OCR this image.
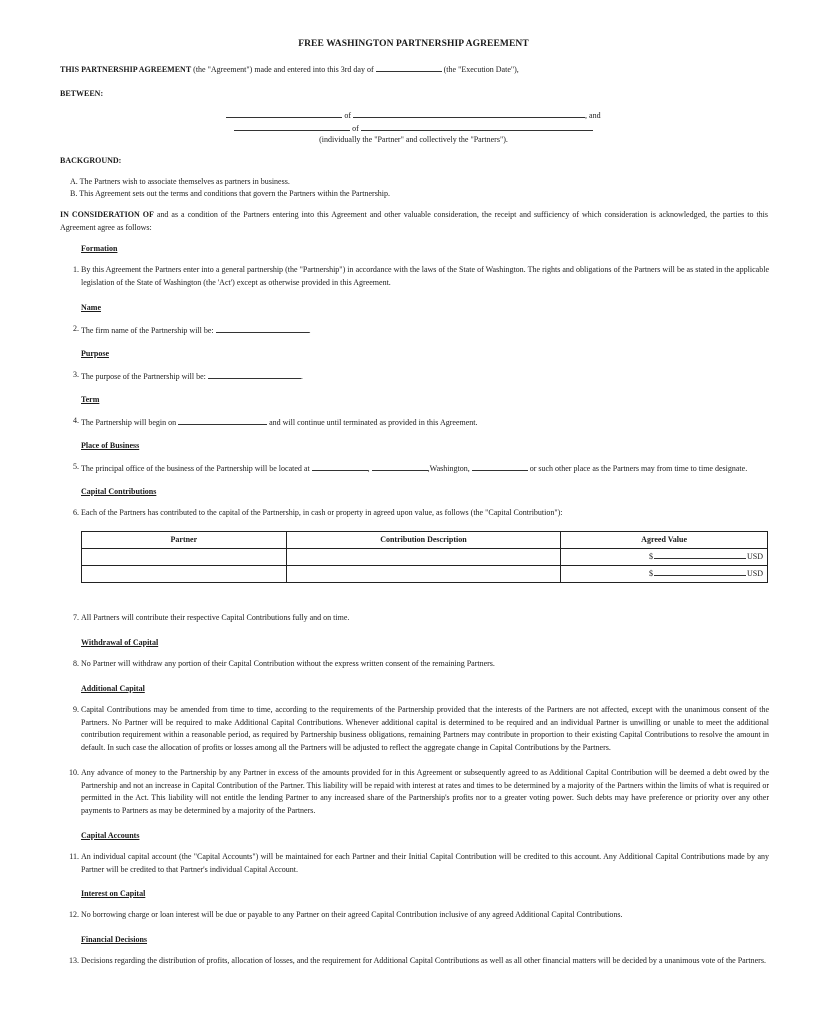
FREE WASHINGTON PARTNERSHIP AGREEMENT
THIS PARTNERSHIP AGREEMENT (the "Agreement") made and entered into this 3rd day of	(the "Execution Date"),
BETWEEN:
of	, and
of
(individually the "Partner" and collectively the "Partners").
BACKGROUND:
A. The Partners wish to associate themselves as partners in business.
B. This Agreement sets out the terms and conditions that govern the Partners within the Partnership.
IN CONSIDERATION OF and as a condition of the Partners entering into this Agreement and other valuable consideration, the receipt and sufficiency of which consideration is acknowledged, the parties to this Agreement agree as follows:
Formation
1. By this Agreement the Partners enter into a general partnership (the "Partnership") in accordance with the laws of the State of Washington. The rights and obligations of the Partners will be as stated in the applicable legislation of the State of Washington (the 'Act') except as otherwise provided in this Agreement.
Name
2. The firm name of the Partnership will be:	.
Purpose
3. The purpose of the Partnership will be:	.
Term
4. The Partnership will begin on	and will continue until terminated as provided in this Agreement.
Place of Business
5. The principal office of the business of the Partnership will be located at	,	,Washington,	or such other place as the Partners may from time to time designate.
Capital Contributions
6. Each of the Partners has contributed to the capital of the Partnership, in cash or property in agreed upon value, as follows (the "Capital Contribution"):
Partner	Contribution Description	Agreed Value
		$ USD
		$ USD
7. All Partners will contribute their respective Capital Contributions fully and on time.
Withdrawal of Capital
8. No Partner will withdraw any portion of their Capital Contribution without the express written consent of the remaining Partners.
Additional Capital
9. Capital Contributions may be amended from time to time, according to the requirements of the Partnership provided that the interests of the Partners are not affected, except with the unanimous consent of the Partners. No Partner will be required to make Additional Capital Contributions. Whenever additional capital is determined to be required and an individual Partner is unwilling or unable to meet the additional contribution requirement within a reasonable period, as required by Partnership business obligations, remaining Partners may contribute in proportion to their existing Capital Contributions to resolve the amount in default. In such case the allocation of profits or losses among all the Partners will be adjusted to reflect the aggregate change in Capital Contributions by the Partners.
10. Any advance of money to the Partnership by any Partner in excess of the amounts provided for in this Agreement or subsequently agreed to as Additional Capital Contribution will be deemed a debt owed by the Partnership and not an increase in Capital Contribution of the Partner. This liability will be repaid with interest at rates and times to be determined by a majority of the Partners within the limits of what is required or permitted in the Act. This liability will not entitle the lending Partner to any increased share of the Partnership's profits nor to a greater voting power. Such debts may have preference or priority over any other payments to Partners as may be determined by a majority of the Partners.
Capital Accounts
11. An individual capital account (the "Capital Accounts") will be maintained for each Partner and their Initial Capital Contribution will be credited to this account. Any Additional Capital Contributions made by any Partner will be credited to that Partner's individual Capital Account.
Interest on Capital
12. No borrowing charge or loan interest will be due or payable to any Partner on their agreed Capital Contribution inclusive of any agreed Additional Capital Contributions.
Financial Decisions
13. Decisions regarding the distribution of profits, allocation of losses, and the requirement for Additional Capital Contributions as well as all other financial matters will be decided by a unanimous vote of the Partners.
